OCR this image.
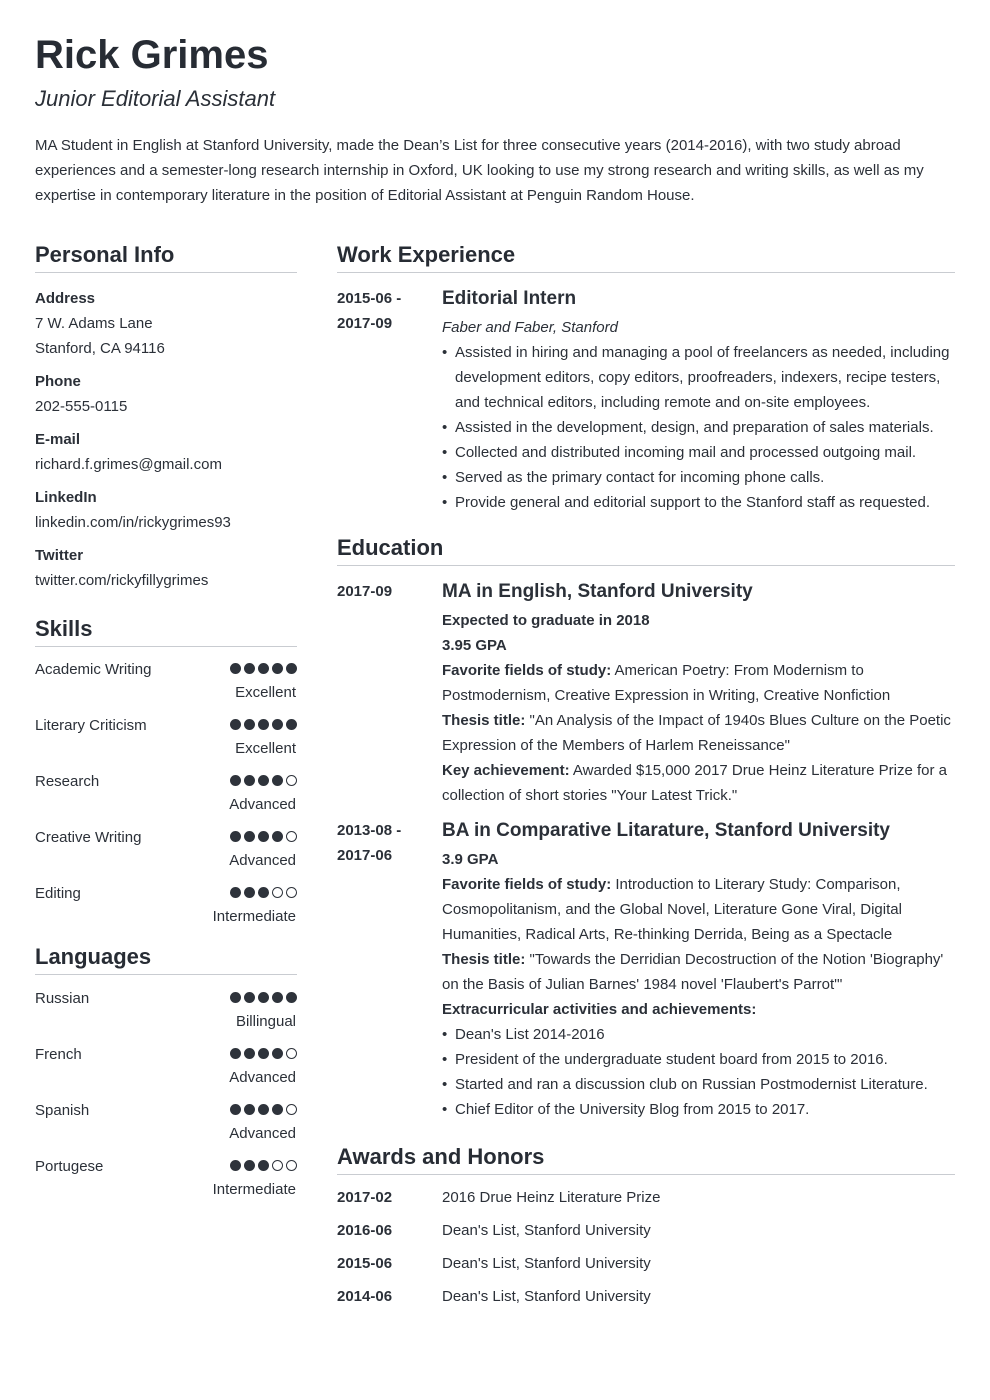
Rick Grimes
Junior Editorial Assistant
MA Student in English at Stanford University, made the Dean’s List for three consecutive years (2014-2016), with two study abroad experiences and a semester-long research internship in Oxford, UK looking to use my strong research and writing skills, as well as my expertise in contemporary literature in the position of Editorial Assistant at Penguin Random House.
Personal Info
Address
7 W. Adams Lane
Stanford, CA 94116
Phone
202-555-0115
E-mail
richard.f.grimes@gmail.com
LinkedIn
linkedin.com/in/rickygrimes93
Twitter
twitter.com/rickyfillygrimes
Skills
Academic Writing
Excellent
Literary Criticism
Excellent
Research
Advanced
Creative Writing
Advanced
Editing
Intermediate
Languages
Russian
Billingual
French
Advanced
Spanish
Advanced
Portugese
Intermediate
Work Experience
2015-06 -
2017-09
Editorial Intern
Faber and Faber, Stanford
• Assisted in hiring and managing a pool of freelancers as needed, including development editors, copy editors, proofreaders, indexers, recipe testers, and technical editors, including remote and on-site employees.
• Assisted in the development, design, and preparation of sales materials.
• Collected and distributed incoming mail and processed outgoing mail.
• Served as the primary contact for incoming phone calls.
• Provide general and editorial support to the Stanford staff as requested.
Education
2017-09	MA in English, Stanford University
Expected to graduate in 2018
3.95 GPA
Favorite fields of study: American Poetry: From Modernism to Postmodernism, Creative Expression in Writing, Creative Nonfiction
Thesis title: "An Analysis of the Impact of 1940s Blues Culture on the Poetic Expression of the Members of Harlem Reneissance"
Key achievement: Awarded $15,000 2017 Drue Heinz Literature Prize for a collection of short stories "Your Latest Trick."
2013-08 -
2017-06
BA in Comparative Litarature, Stanford University
3.9 GPA
Favorite fields of study: Introduction to Literary Study: Comparison, Cosmopolitanism, and the Global Novel, Literature Gone Viral, Digital Humanities, Radical Arts, Re-thinking Derrida, Being as a Spectacle
Thesis title: "Towards the Derridian Decostruction of the Notion 'Biography' on the Basis of Julian Barnes' 1984 novel 'Flaubert's Parrot'"
Extracurricular activities and achievements:
• Dean's List 2014-2016
• President of the undergraduate student board from 2015 to 2016.
• Started and ran a discussion club on Russian Postmodernist Literature.
• Chief Editor of the University Blog from 2015 to 2017.
Awards and Honors
2017-02	2016 Drue Heinz Literature Prize
2016-06	Dean's List, Stanford University
2015-06	Dean's List, Stanford University
2014-06	Dean's List, Stanford University
